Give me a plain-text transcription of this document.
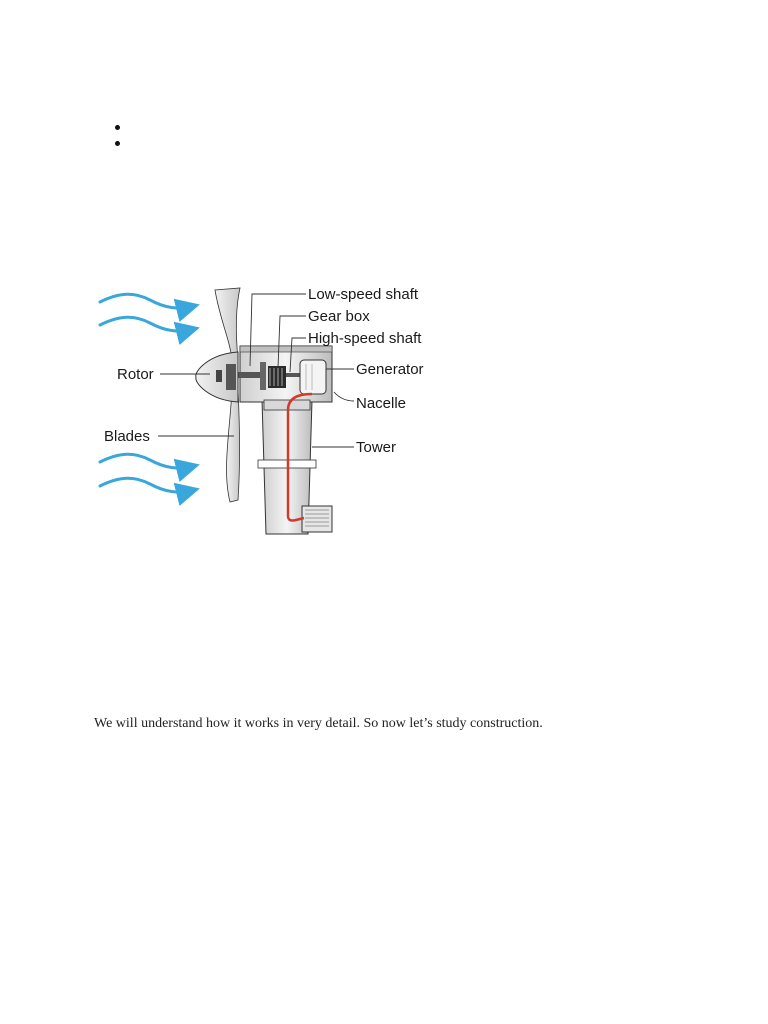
Low-speed shaft
Gear box
High-speed shaft
Generator
Nacelle
Tower
Rotor
Blades
We will understand how it works in very detail. So now let’s study construction.
